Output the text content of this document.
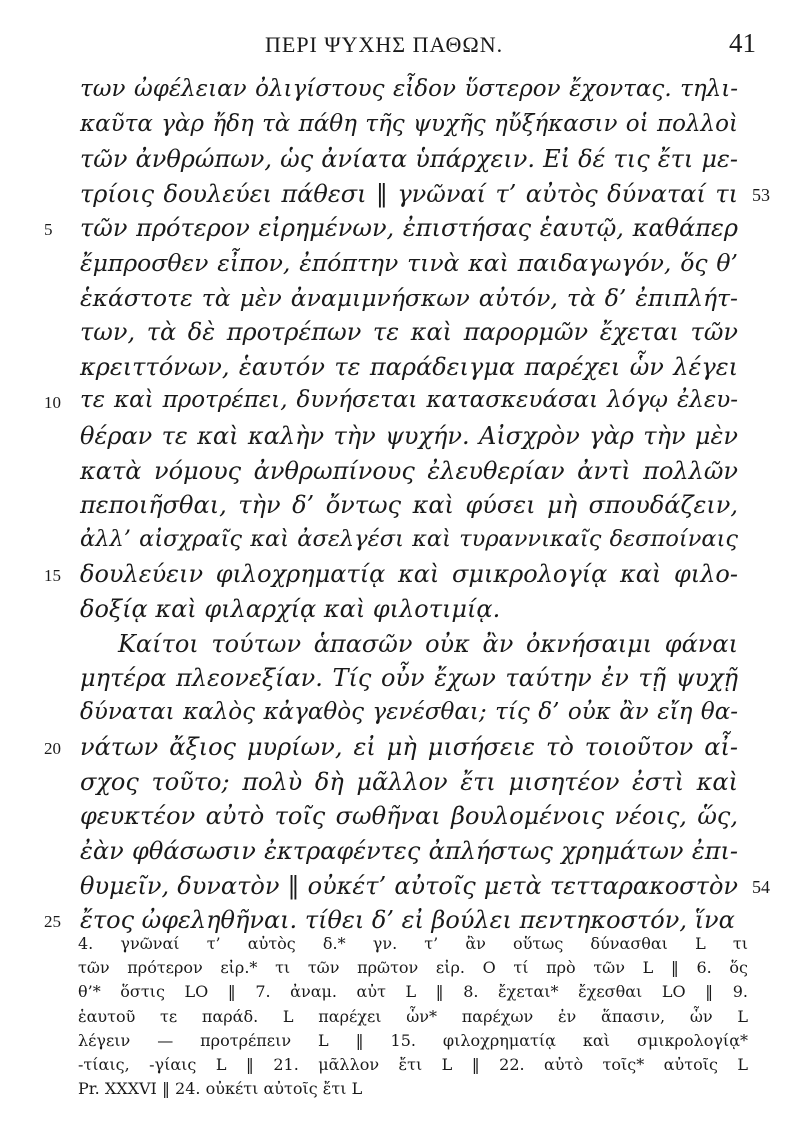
ΠΕΡΙ ΨΥΧΗΣ ΠΑΘΩΝ.	41
των ὠφέλειαν ὀλιγίστους εἶδον ὕστερον ἔχοντας. τηλι-
καῦτα γὰρ ἤδη τὰ πάθη τῆς ψυχῆς ηὔξήκασιν οἱ πολλοὶ
τῶν ἀνθρώπων, ὡς ἀνίατα ὑπάρχειν. Εἰ δέ τις ἔτι με-
τρίοις δουλεύει πάθεσι ‖ γνῶναί τ’ αὐτὸς δύναταί τι 53
5 τῶν πρότερον εἰρημένων, ἐπιστήσας ἑαυτῷ, καθάπερ
ἔμπροσθεν εἶπον, ἐπόπτην τινὰ καὶ παιδαγωγόν, ὅς θ’
ἑκάστοτε τὰ μὲν ἀναμιμνήσκων αὐτόν, τὰ δ’ ἐπιπλήτ-
των, τὰ δὲ προτρέπων τε καὶ παρορμῶν ἔχεται τῶν
κρειττόνων, ἑαυτόν τε παράδειγμα παρέχει ὧν λέγει
10 τε καὶ προτρέπει, δυνήσεται κατασκευάσαι λόγῳ ἐλευ-
θέραν τε καὶ καλὴν τὴν ψυχήν. Αἰσχρὸν γὰρ τὴν μὲν
κατὰ νόμους ἀνθρωπίνους ἐλευθερίαν ἀντὶ πολλῶν
πεποιῆσθαι, τὴν δ’ ὄντως καὶ φύσει μὴ σπουδάζειν,
ἀλλ’ αἰσχραῖς καὶ ἀσελγέσι καὶ τυραννικαῖς δεσποίναις
15 δουλεύειν φιλοχρηματίᾳ καὶ σμικρολογίᾳ καὶ φιλο-
δοξίᾳ καὶ φιλαρχίᾳ καὶ φιλοτιμίᾳ.
Καίτοι τούτων ἁπασῶν οὐκ ἂν ὀκνήσαιμι φάναι
μητέρα πλεονεξίαν. Τίς οὖν ἔχων ταύτην ἐν τῇ ψυχῇ
δύναται καλὸς κἀγαθὸς γενέσθαι; τίς δ’ οὐκ ἂν εἴη θα-
20 νάτων ἄξιος μυρίων, εἰ μὴ μισήσειε τὸ τοιοῦτον αἶ-
σχος τοῦτο; πολὺ δὴ μᾶλλον ἔτι μισητέον ἐστὶ καὶ
φευκτέον αὐτὸ τοῖς σωθῆναι βουλομένοις νέοις, ὥς,
ἐὰν φθάσωσιν ἐκτραφέντες ἀπλήστως χρημάτων ἐπι-
θυμεῖν, δυνατὸν ‖ οὐκέτ’ αὐτοῖς μετὰ τετταρακοστὸν 54
25 ἔτος ὠφεληθῆναι. τίθει δ’ εἰ βούλει πεντηκοστόν, ἵνα
4. γνῶναί τ’ αὐτὸς δ.* γν. τ’ ἂν οὕτως δύνασθαι L τι
τῶν πρότερον εἰρ.* τι τῶν πρῶτον εἰρ. Ο τί πρὸ τῶν L ‖ 6. ὅς
θ’* ὅστις LO ‖ 7. ἀναμ. αὐτ L ‖ 8. ἔχεται* ἔχεσθαι LO ‖ 9.
ἑαυτοῦ τε παράδ. L παρέχει ὧν* παρέχων ἐν ἅπασιν, ὧν L
λέγειν — προτρέπειν L ‖ 15. φιλοχρηματίᾳ καὶ σμικρολογίᾳ*
-τίαις, -γίαις L ‖ 21. μᾶλλον ἔτι L ‖ 22. αὐτὸ τοῖς* αὐτοῖς L
Pr. XXXVI ‖ 24. οὐκέτι αὐτοῖς ἔτι L
